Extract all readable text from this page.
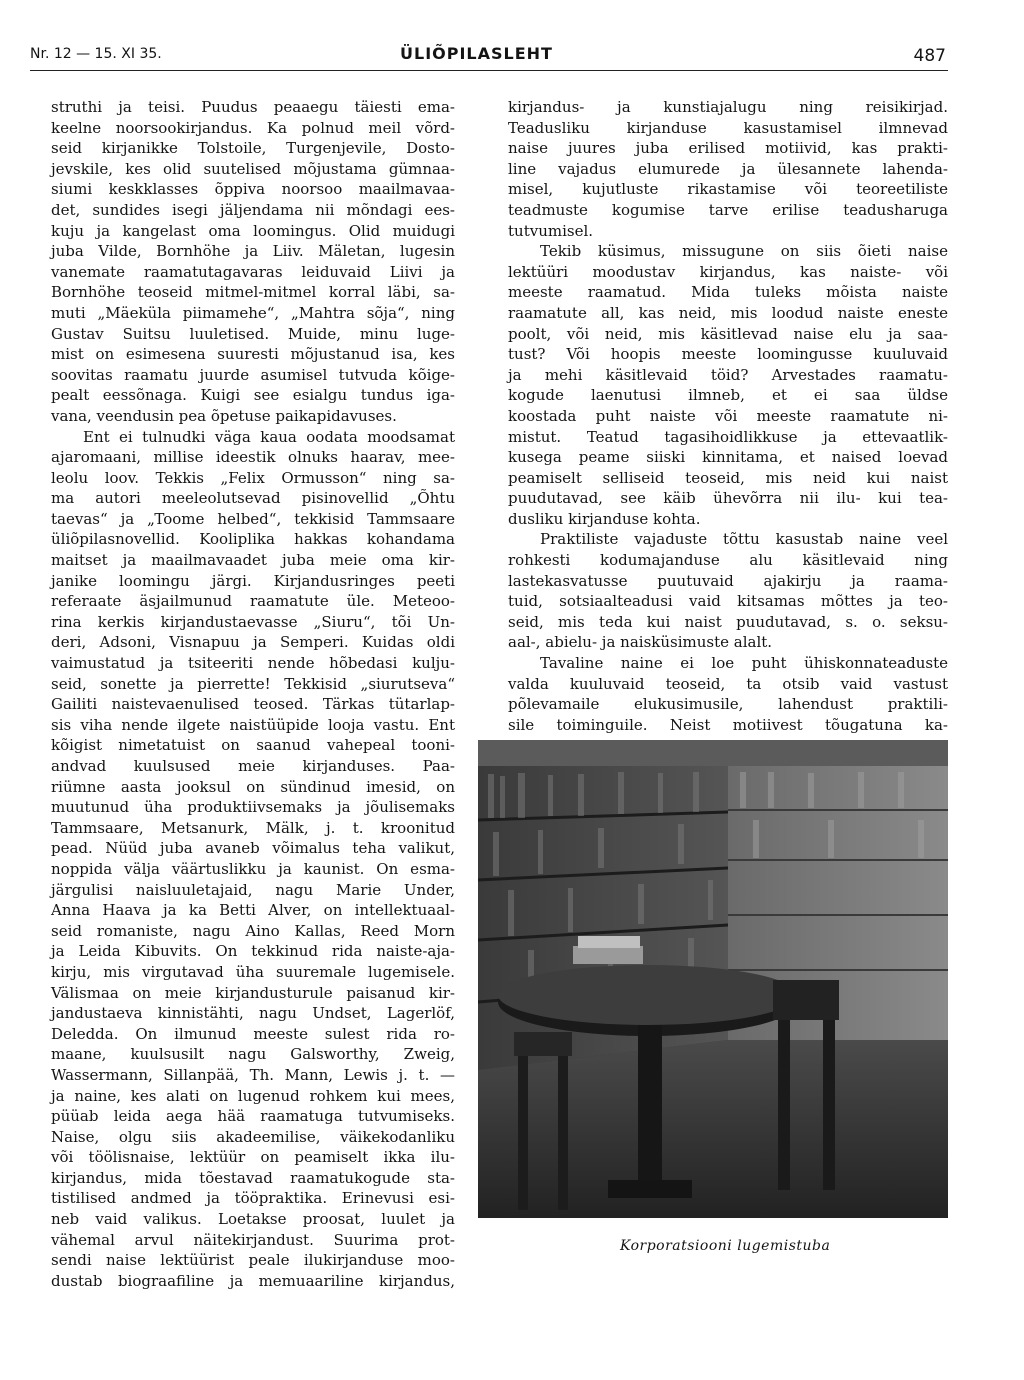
Nr. 12 — 15. XI 35.	ÜLIÕPILASLEHT	487
struthi ja teisi. Puudus peaaegu täiesti ema-
keelne noorsookirjandus. Ka polnud meil võrd-
seid kirjanikke Tolstoile, Turgenjevile, Dosto-
jevskile, kes olid suutelised mõjustama gümnaa-
siumi keskklasses õppiva noorsoo maailmavaa-
det, sundides isegi jäljendama nii mõndagi ees-
kuju ja kangelast oma loomingus. Olid muidugi
juba Vilde, Bornhöhe ja Liiv. Mäletan, lugesin
vanemate raamatutagavaras leiduvaid Liivi ja
Bornhöhe teoseid mitmel-mitmel korral läbi, sa-
muti „Mäeküla piimamehe“, „Mahtra sõja“, ning
Gustav Suitsu luuletised. Muide, minu luge-
mist on esimesena suuresti mõjustanud isa, kes
soovitas raamatu juurde asumisel tutvuda kõige-
pealt eessõnaga. Kuigi see esialgu tundus iga-
vana, veendusin pea õpetuse paikapidavuses.
Ent ei tulnudki väga kaua oodata moodsamat
ajaromaani, millise ideestik olnuks haarav, mee-
leolu loov. Tekkis „Felix Ormusson“ ning sa-
ma autori meeleolutsevad pisinovellid „Õhtu
taevas“ ja „Toome helbed“, tekkisid Tammsaare
üliõpilasnovellid. Kooliplika hakkas kohandama
maitset ja maailmavaadet juba meie oma kir-
janike loomingu järgi. Kirjandusringes peeti
referaate äsjailmunud raamatute üle. Meteoo-
rina kerkis kirjandustaevasse „Siuru“, tõi Un-
deri, Adsoni, Visnapuu ja Semperi. Kuidas oldi
vaimustatud ja tsiteeriti nende hõbedasi kulju-
seid, sonette ja pierrette! Tekkisid „siurutseva“
Gailiti naistevaenulised teosed. Tärkas tütarlap-
sis viha nende ilgete naistüüpide looja vastu. Ent
kõigist nimetatuist on saanud vahepeal tooni-
andvad kuulsused meie kirjanduses. Paa-
riümne aasta jooksul on sündinud imesid, on
muutunud üha produktiivsemaks ja jõulisemaks
Tammsaare, Metsanurk, Mälk, j. t. kroonitud
pead. Nüüd juba avaneb võimalus teha valikut,
noppida välja väärtuslikku ja kaunist. On esma-
järgulisi naisluuletajaid, nagu Marie Under,
Anna Haava ja ka Betti Alver, on intellektuaal-
seid romaniste, nagu Aino Kallas, Reed Morn
ja Leida Kibuvits. On tekkinud rida naiste-aja-
kirju, mis virgutavad üha suuremale lugemisele.
Välismaa on meie kirjandusturule paisanud kir-
jandustaeva kinnistähti, nagu Undset, Lagerlöf,
Deledda. On ilmunud meeste sulest rida ro-
maane, kuulsusilt nagu Galsworthy, Zweig,
Wassermann, Sillanpää, Th. Mann, Lewis j. t. —
ja naine, kes alati on lugenud rohkem kui mees,
püüab leida aega hää raamatuga tutvumiseks.
Naise, olgu siis akadeemilise, väikekodanliku
või töölisnaise, lektüür on peamiselt ikka ilu-
kirjandus, mida tõestavad raamatukogude sta-
tistilised andmed ja tööpraktika. Erinevusi esi-
neb vaid valikus. Loetakse proosat, luulet ja
vähemal arvul näitekirjandust. Suurima prot-
sendi naise lektüürist peale ilukirjanduse moo-
dustab biograafiline ja memuaariline kirjandus,
kirjandus- ja kunstiajalugu ning reisikirjad.
Teadusliku kirjanduse kasustamisel ilmnevad
naise juures juba erilised motiivid, kas prakti-
line vajadus elumurede ja ülesannete lahenda-
misel, kujutluste rikastamise või teoreetiliste
teadmuste kogumise tarve erilise teadusharuga
tutvumisel.
Tekib küsimus, missugune on siis õieti naise
lektüüri moodustav kirjandus, kas naiste- või
meeste raamatud. Mida tuleks mõista naiste
raamatute all, kas neid, mis loodud naiste eneste
poolt, või neid, mis käsitlevad naise elu ja saa-
tust? Või hoopis meeste loomingusse kuuluvaid
ja mehi käsitlevaid töid? Arvestades raamatu-
kogude laenutusi ilmneb, et ei saa üldse
koostada puht naiste või meeste raamatute ni-
mistut. Teatud tagasihoidlikkuse ja ettevaatlik-
kusega peame siiski kinnitama, et naised loevad
peamiselt selliseid teoseid, mis neid kui naist
puudutavad, see käib ühevõrra nii ilu- kui tea-
dusliku kirjanduse kohta.
Praktiliste vajaduste tõttu kasustab naine veel
rohkesti kodumajanduse alu käsitlevaid ning
lastekasvatusse puutuvaid ajakirju ja raama-
tuid, sotsiaalteadusi vaid kitsamas mõttes ja teo-
seid, mis teda kui naist puudutavad, s. o. seksu-
aal-, abielu- ja naisküsimuste alalt.
Tavaline naine ei loe puht ühiskonnateaduste
valda kuuluvaid teoseid, ta otsib vaid vastust
põlevamaile elukusimusile, lahendust praktili-
sile toiminguile. Neist motiivest tõugatuna ka-
Korporatsiooni lugemistuba
